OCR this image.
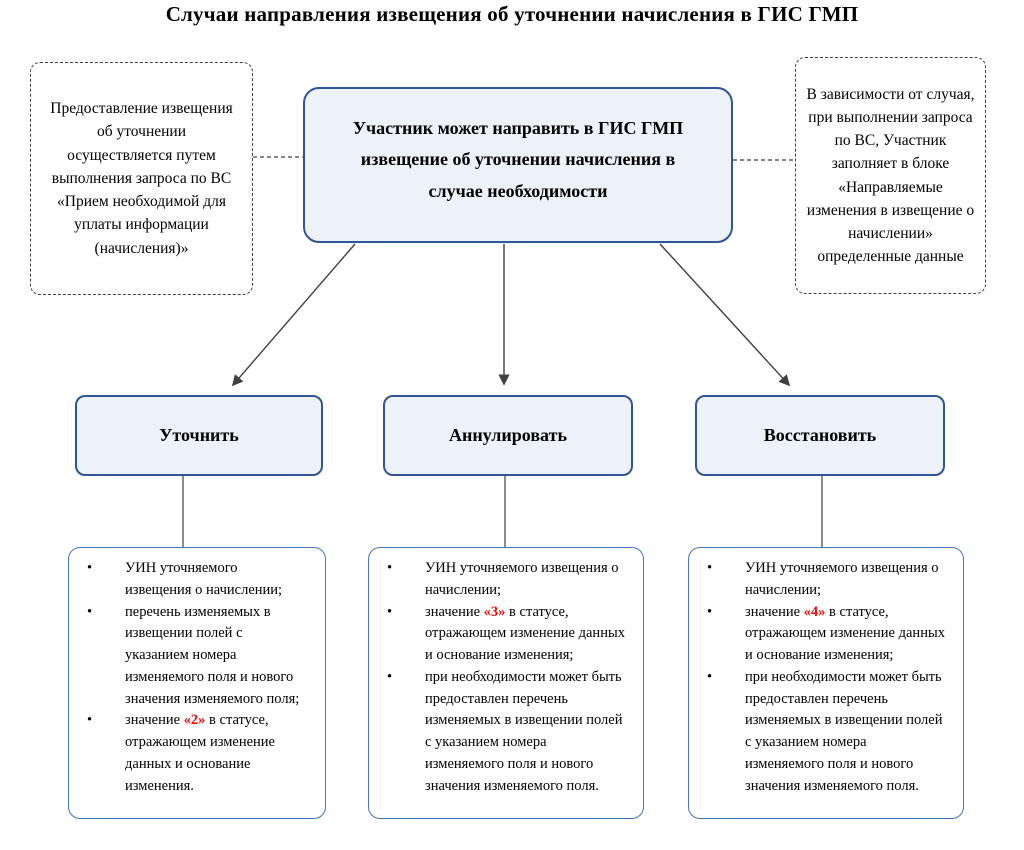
Случаи направления извещения об уточнении начисления в ГИС ГМП
Предоставление извещения об уточнении осуществляется путем выполнения запроса по ВС «Прием необходимой для уплаты информации (начисления)»
Участник может направить в ГИС ГМП извещение об уточнении начисления в случае необходимости
В зависимости от случая, при выполнении запроса по ВС, Участник заполняет в блоке «Направляемые изменения в извещение о начислении» определенные данные
Уточнить	Аннулировать	Восстановить
•	УИН уточняемого извещения о начислении;
•	перечень изменяемых в извещении полей с указанием номера изменяемого поля и нового значения изменяемого поля;
•	значение «2» в статусе, отражающем изменение данных и основание изменения.
•	УИН уточняемого извещения о начислении;
•	значение «3» в статусе, отражающем изменение данных и основание изменения;
•	при необходимости может быть предоставлен перечень изменяемых в извещении полей с указанием номера изменяемого поля и нового значения изменяемого поля.
•	УИН уточняемого извещения о начислении;
•	значение «4» в статусе, отражающем изменение данных и основание изменения;
•	при необходимости может быть предоставлен перечень изменяемых в извещении полей с указанием номера изменяемого поля и нового значения изменяемого поля.
